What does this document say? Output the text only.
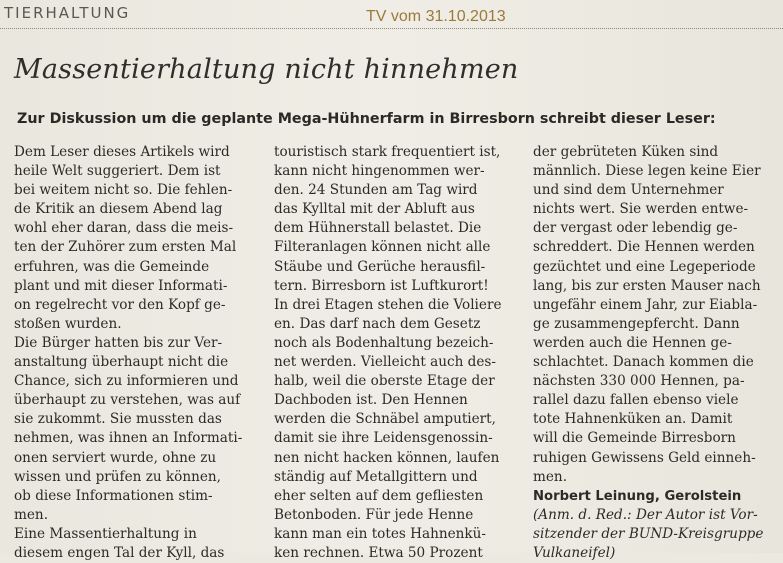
TIERHALTUNG	TV vom 31.10.2013
Massentierhaltung nicht hinnehmen
Zur Diskussion um die geplante Mega-Hühnerfarm in Birresborn schreibt dieser Leser:
Dem Leser dieses Artikels wird
heile Welt suggeriert. Dem ist
bei weitem nicht so. Die fehlen-
de Kritik an diesem Abend lag
wohl eher daran, dass die meis-
ten der Zuhörer zum ersten Mal
erfuhren, was die Gemeinde
plant und mit dieser Informati-
on regelrecht vor den Kopf ge-
stoßen wurden.
Die Bürger hatten bis zur Ver-
anstaltung überhaupt nicht die
Chance, sich zu informieren und
überhaupt zu verstehen, was auf
sie zukommt. Sie mussten das
nehmen, was ihnen an Informati-
onen serviert wurde, ohne zu
wissen und prüfen zu können,
ob diese Informationen stim-
men.
Eine Massentierhaltung in
diesem engen Tal der Kyll, das
touristisch stark frequentiert ist,
kann nicht hingenommen wer-
den. 24 Stunden am Tag wird
das Kylltal mit der Abluft aus
dem Hühnerstall belastet. Die
Filteranlagen können nicht alle
Stäube und Gerüche herausfil-
tern. Birresborn ist Luftkurort!
In drei Etagen stehen die Voliere
en. Das darf nach dem Gesetz
noch als Bodenhaltung bezeich-
net werden. Vielleicht auch des-
halb, weil die oberste Etage der
Dachboden ist. Den Hennen
werden die Schnäbel amputiert,
damit sie ihre Leidensgenossin-
nen nicht hacken können, laufen
ständig auf Metallgittern und
eher selten auf dem gefliesten
Betonboden. Für jede Henne
kann man ein totes Hahnenkü-
ken rechnen. Etwa 50 Prozent
der gebrüteten Küken sind
männlich. Diese legen keine Eier
und sind dem Unternehmer
nichts wert. Sie werden entwe-
der vergast oder lebendig ge-
schreddert. Die Hennen werden
gezüchtet und eine Legeperiode
lang, bis zur ersten Mauser nach
ungefähr einem Jahr, zur Eiabla-
ge zusammengepfercht. Dann
werden auch die Hennen ge-
schlachtet. Danach kommen die
nächsten 330 000 Hennen, pa-
rallel dazu fallen ebenso viele
tote Hahnenküken an. Damit
will die Gemeinde Birresborn
ruhigen Gewissens Geld einneh-
men.
Norbert Leinung, Gerolstein
(Anm. d. Red.: Der Autor ist Vor-
sitzender der BUND-Kreisgruppe
Vulkaneifel)
